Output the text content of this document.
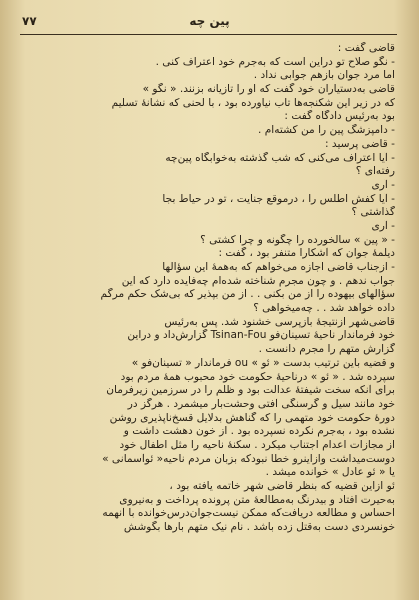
۷۷	پین چه
قاضی گفت :
- نگو صلاح تو دراین است که به‌جرم خود اعتراف کنی .
اما مرد جوان بازهم جوابی نداد .
قاضی به‌دستیاران خود گفت که او را تازیانه بزنند. « نگو »
که در زیر این شکنجه‌ها تاب نیاورده بود ، با لحنی که نشانهٔ تسلیم
بود به‌رئیس دادگاه گفت :
- دامپزشگ پین را من کشته‌ام .
- قاضی پرسید :
- آیا اعتراف می‌کنی که شب گذشته به‌خوابگاه پین‌چه
رفته‌ای ؟
- آری
- آیا کفش اطلس را ، درموقع جنایت ، تو در حیاط بجا
گذاشتی ؟
- آری
- « پین » سالخورده را چگونه و چرا کشتی ؟
دیلمهٔ جوان که آشکارا متنفر بود ، گفت :
- ازجناب قاضی اجازه می‌خواهم که به‌همهٔ این سؤالها
جواب ندهم . و چون مجرم شناخته شده‌ام چه‌فایده دارد که این
سؤالهای بیهوده را از من بکنی . . از من بپذیر که بی‌شک حکم مرگم
داده خواهد شد . . چه‌میخواهی ؟
قاضی‌شهر ازنتیجهٔ بازپرسی خشنود شد. پس به‌رئیس
خود فرماندار ناحیهٔ تسینان‌فو Tsinan-Fou گزارش‌داد و دراین
گزارش متهم را مجرم دانست .
و قضیه باین ترتیب بدست « ئو » ou فرماندار « تسینان‌فو »
سپرده شد . « ئو » درناحیهٔ حکومت خود محبوب همهٔ مردم بود
برای آنکه سخت شیفتهٔ عدالت بود و ظلم را در سرزمین زیرفرمان
خود مانند سیل و گرسنگی آفتی وحشت‌بار میشمرد . هرگز در
دورهٔ حکومت خود متهمی را که گناهش بدلایل قسخ‌ناپذیری روشن
نشده بود ، به‌جرم نکرده نسپرده بود . از خون دهشت داشت و
از مجازات اعدام اجتناب میکرد . سکنهٔ ناحیه را مثل اطفال خود
دوست‌میداشت وازاینرو خطا نبودکه بزبان مردم ناحیه« ئوآسمانی »
یا « ئو عادل » خوانده میشد .
ئو ازاین قضیه که بنظر قاضی شهر خاتمه یافته بود ،
به‌حیرت افتاد و بیدرنگ به‌مطالعهٔ متن پرونده پرداخت و به‌نیروی
احساس و مطالعه دریافت‌که ممکن نیست‌جوان‌درس‌خوانده با آنهمه
خونسردی دست به‌قتل زده باشد . نام نیک متهم بارها بگوشش
